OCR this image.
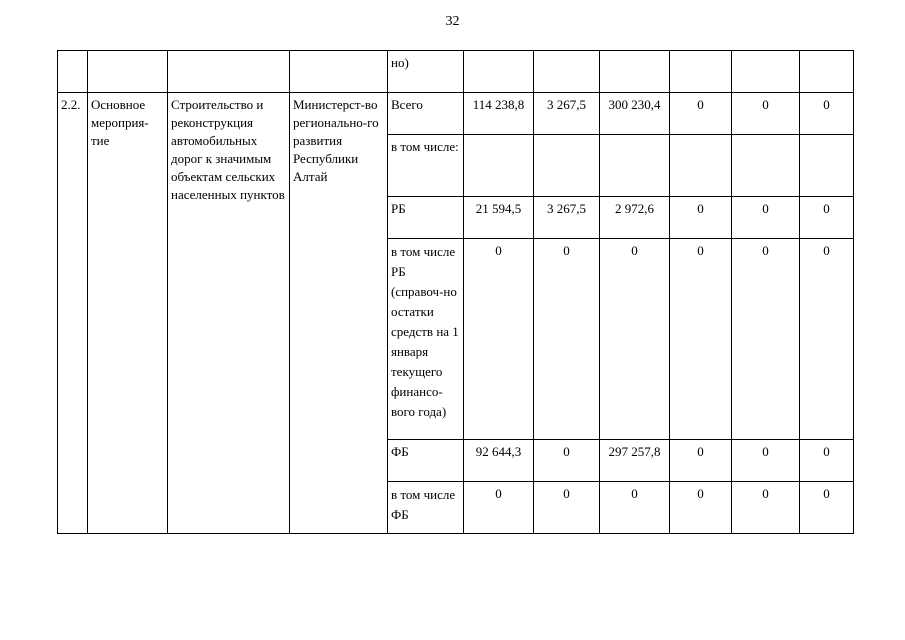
32
				но)						
2.2.	Основное мероприя-тие	Строительство и реконструкция автомобильных дорог к значимым объектам сельских населенных пунктов	Министерст-во регионально-го развития Республики Алтай	Всего	114 238,8	3 267,5	300 230,4	0	0	0
				в том числе:						
				РБ	21 594,5	3 267,5	2 972,6	0	0	0
				в том числе РБ (справоч-но остатки средств на 1 января текущего финансо-вого года)	0	0	0	0	0	0
				ФБ	92 644,3	0	297 257,8	0	0	0
				в том числе ФБ	0	0	0	0	0	0
